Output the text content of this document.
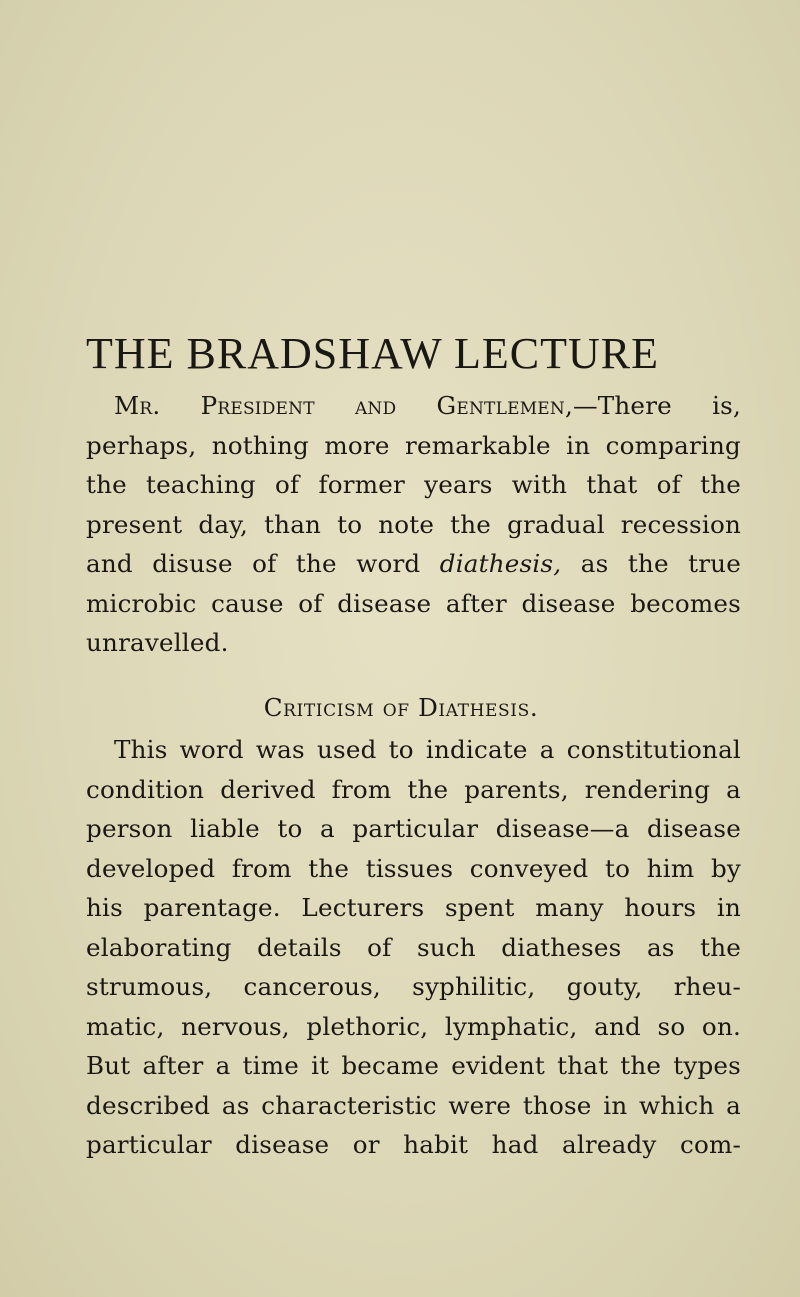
THE BRADSHAW LECTURE
Mr. President and Gentlemen,—There is,
perhaps, nothing more remarkable in comparing
the teaching of former years with that of the
present day, than to note the gradual recession
and disuse of the word diathesis, as the true
microbic cause of disease after disease becomes
unravelled.
Criticism of Diathesis.
This word was used to indicate a constitutional
condition derived from the parents, rendering a
person liable to a particular disease—a disease
developed from the tissues conveyed to him by
his parentage. Lecturers spent many hours in
elaborating details of such diatheses as the
strumous, cancerous, syphilitic, gouty, rheu-
matic, nervous, plethoric, lymphatic, and so on.
But after a time it became evident that the types
described as characteristic were those in which a
particular disease or habit had already com-
